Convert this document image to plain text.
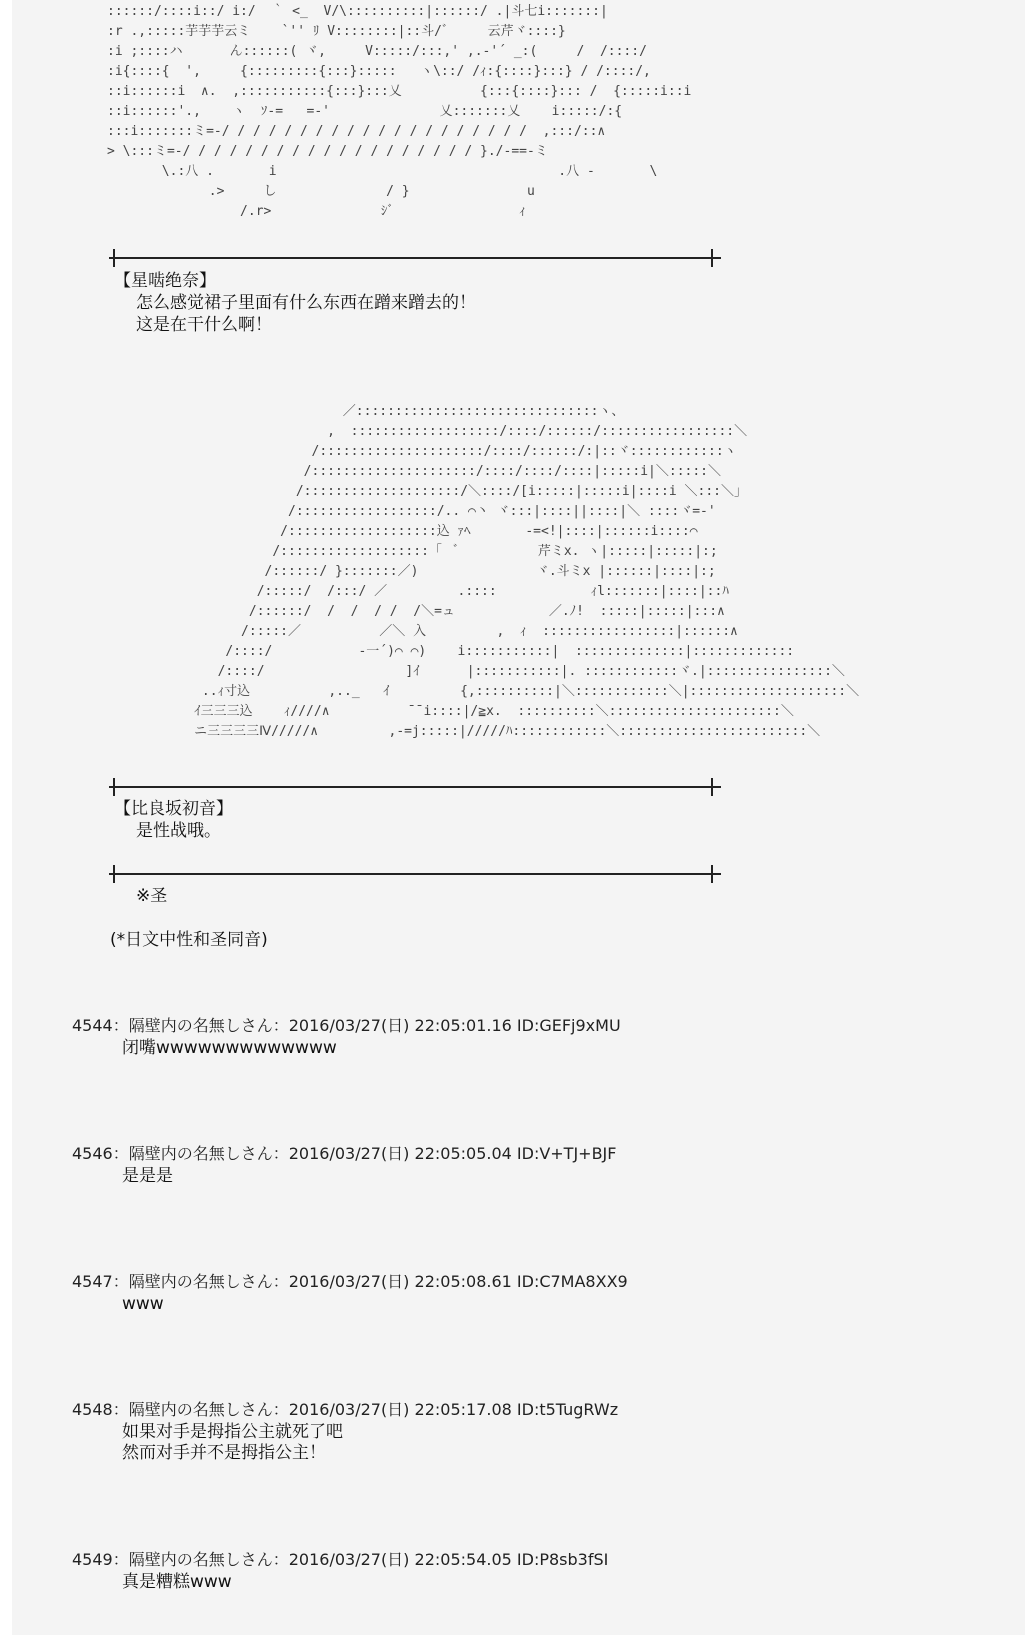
::::::/::::i::/ i:/  ｀ <_  V/\::::::::::|::::::/ .|斗七i:::::::|
:r .,:::::芋芋芋云ミ    `'' ﾘ V::::::::|::斗/ﾞ     云芹ヾ::::}
:i ;::::ハ      ん::::::( ヾ,     V:::::/:::,' ,.-'´ _:(     /  /::::/
:i{::::{  ',     {:::::::::{:::}:::::   ヽ\::/ /ｨ:{::::}:::} / /::::/,
::i::::::i  ∧.  ,:::::::::::{:::}:::乂          {:::{::::}::: /  {:::::i::i
::i::::::'.,    ヽ  ｿ-=   =-'              乂:::::::乂    i:::::/:{
:::i:::::::ミ=-/ / / / / / / / / / / / / / / / / / / /  ,:::/::∧
> \:::ミ=-/ / / / / / / / / / / / / / / / / / / }./-==-ミ
\.:八 .       i                                    .八 ‐       \
.>     し              / }               u
/.r>              ｼﾞ                ｨ
【星啮绝奈】
怎么感觉裙子里面有什么东西在蹭来蹭去的！
这是在干什么啊！
／:::::::::::::::::::::::::::::::ヽ、
,  :::::::::::::::::::/::::/::::::/:::::::::::::::::＼
/:::::::::::::::::::::/::::/::::::/:|::ヾ::::::::::::ヽ
/:::::::::::::::::::::/::::/::::/::::|:::::i|＼:::::＼
/::::::::::::::::::::/＼::::/[i:::::|:::::i|::::i ＼:::＼」
/::::::::::::::::::/.. ⌒丶 ヾ:::|::::||::::|＼ ::::ヾ=-'
/:::::::::::::::::::込 ｧﾍ       -=<!|::::|::::::i::::⌒
/:::::::::::::::::::「  ﾞ          芹ミx. ヽ|:::::|:::::|:;
/::::::/ }:::::::／)               ヾ.斗ミx |::::::|::::|:;
/:::::/  /:::/ ／         .::::            ｨl:::::::|::::|::ﾊ
/::::::/  /  /  / /  /＼=ュ            ／.ﾉ!  :::::|:::::|:::∧
/:::::／          ／＼ 入         ,  ｨ  :::::::::::::::::|::::::∧
/::::/           ‐一´)⌒ ⌒)    i:::::::::::|  ::::::::::::::|:::::::::::::
/::::/                  ]ｲ      |:::::::::::|. ::::::::::::ヾ.|::::::::::::::::＼
..ｨ寸込          ,.._   ｲ         {,::::::::::|＼::::::::::::＼|::::::::::::::::::::＼
ｲ三三三込    ｨ////∧          ¯¯i::::|/≧x.  ::::::::::＼::::::::::::::::::::::＼
ニ三三三三Ⅳ/////∧         ,‐=j:::::|/////ﾊ::::::::::::＼::::::::::::::::::::::::＼
【比良坂初音】
是性战哦。
※圣
(*日文中性和圣同音)
4544：隔壁内の名無しさん：2016/03/27(日) 22:05:01.16 ID:GEFj9xMU
闭嘴wwwwwwwwwwwww
4546：隔壁内の名無しさん：2016/03/27(日) 22:05:05.04 ID:V+TJ+BJF
是是是
4547：隔壁内の名無しさん：2016/03/27(日) 22:05:08.61 ID:C7MA8XX9
www
4548：隔壁内の名無しさん：2016/03/27(日) 22:05:17.08 ID:t5TugRWz
如果对手是拇指公主就死了吧
然而对手并不是拇指公主！
4549：隔壁内の名無しさん：2016/03/27(日) 22:05:54.05 ID:P8sb3fSI
真是糟糕www
